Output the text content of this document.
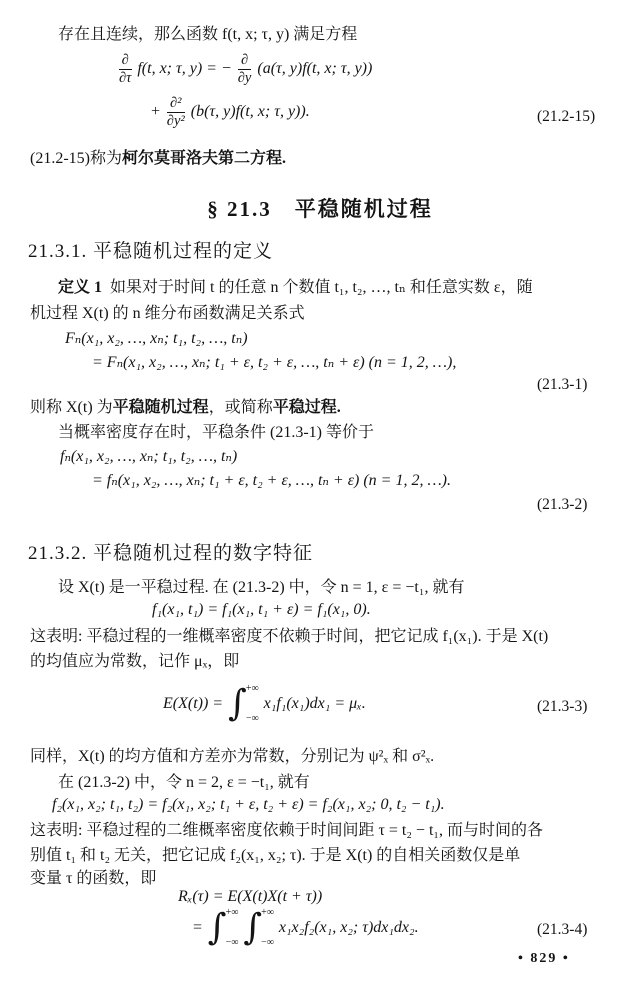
存在且连续，那么函数 f(t, x; τ, y) 满足方程

$\frac{\partial}{\partial\tau} f(t$, x; τ, y) = − $\frac{\partial}{\partial y} (a(\tau$, y)f(t, x; τ, y))
+ $\frac{\text{∂²}}{\text{∂y²}} (b(\tau$, y)f(t, x; τ, y)).	(21.2-15)

(21.2-15)称为柯尔莫哥洛夫第二方程.

§ 21.3　平稳随机过程
21.3.1. 平稳随机过程的定义

定义 1  如果对于时间 t 的任意 n 个数值 t₁, t₂, …, tₙ 和任意实数 ε，随

机过程 X(t) 的 n 维分布函数满足关系式

Fₙ(x₁, x₂, …, xₙ; t₁, t₂, …, tₙ)
= Fₙ(x₁, x₂, …, xₙ; t₁ + ε, t₂ + ε, …, tₙ + ε) (n = 1, 2, …),
(21.3-1)

则称 X(t) 为平稳随机过程，或简称平稳过程.

当概率密度存在时，平稳条件 (21.3-1) 等价于

fₙ(x₁, x₂, …, xₙ; t₁, t₂, …, tₙ)
= fₙ(x₁, x₂, …, xₙ; t₁ + ε, t₂ + ε, …, tₙ + ε) (n = 1, 2, …).
(21.3-2)
21.3.2. 平稳随机过程的数字特征

设 X(t) 是一平稳过程. 在 (21.3-2) 中，令 n = 1, ε = −t₁, 就有

f₁(x₁, t₁) = f₁(x₁, t₁ + ε) = f₁(x₁, 0).

这表明: 平稳过程的一维概率密度不依赖于时间，把它记成 f₁(x₁). 于是 X(t)

的均值应为常数，记作 μₓ，即

E(X(t)) = ∫ +∞
−∞
x₁f₁(x₁)dx₁ = μₓ.	(21.3-3)

同样，X(t) 的均方值和方差亦为常数，分别记为 ψ²ₓ 和 σ²ₓ.

在 (21.3-2) 中，令 n = 2, ε = −t₁, 就有

f₂(x₁, x₂; t₁, t₂) = f₂(x₁, x₂; t₁ + ε, t₂ + ε) = f₂(x₁, x₂; 0, t₂ − t₁).

这表明: 平稳过程的二维概率密度依赖于时间间距 τ = t₂ − t₁, 而与时间的各

别值 t₁ 和 t₂ 无关，把它记成 f₂(x₁, x₂; τ). 于是 X(t) 的自相关函数仅是单

变量 τ 的函数，即

Rₓ(τ) = E(X(t)X(t + τ))
= ∫ +∞
−∞ ∫ +∞
−∞
x₁x₂f₂(x₁, x₂; τ)dx₁dx₂.	(21.3-4)
• 829 •
